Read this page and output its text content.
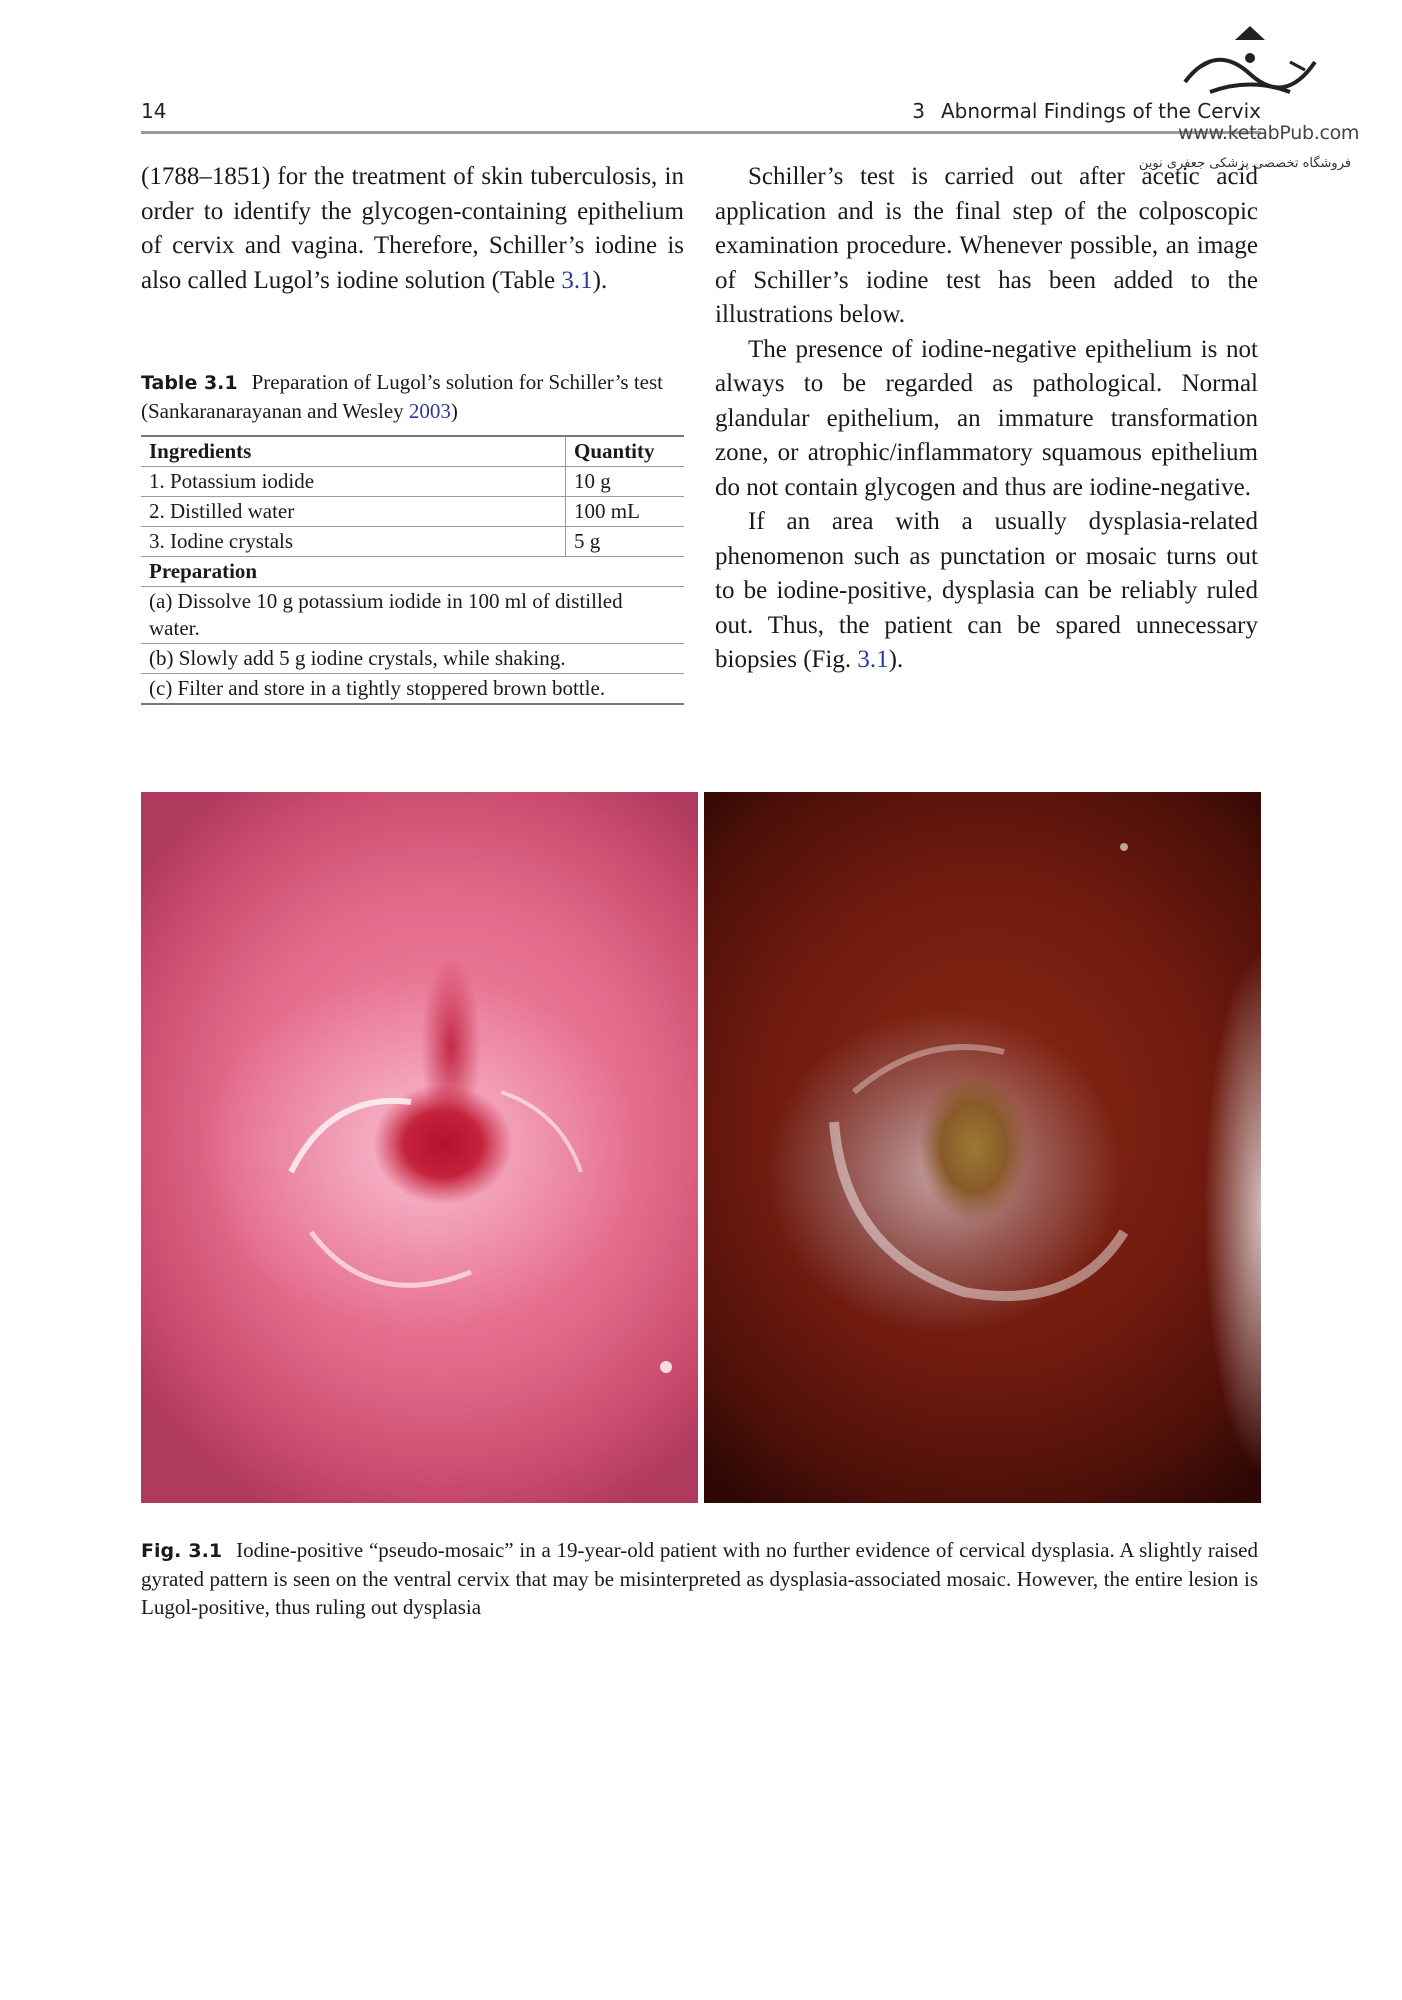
14	3 Abnormal Findings of the Cervix
www.ketabPub.com
فروشگاه تخصصی پزشکی جعفری نوین

(1788–1851) for the treatment of skin tuberculosis, in order to identify the glycogen-containing epithelium of cervix and vagina. Therefore, Schiller’s iodine is also called Lugol’s iodine solution (Table 3.1).

Table 3.1 Preparation of Lugol’s solution for Schiller’s test (Sankaranarayanan and Wesley 2003)
Ingredients	Quantity
1. Potassium iodide	10 g
2. Distilled water	100 mL
3. Iodine crystals	5 g
Preparation	
(a) Dissolve 10 g potassium iodide in 100 ml of distilled water.	
(b) Slowly add 5 g iodine crystals, while shaking.	
(c) Filter and store in a tightly stoppered brown bottle.	

Schiller’s test is carried out after acetic acid application and is the final step of the colposcopic examination procedure. Whenever possible, an image of Schiller’s iodine test has been added to the illustrations below.

The presence of iodine-negative epithelium is not always to be regarded as pathological. Normal glandular epithelium, an immature transformation zone, or atrophic/inflammatory squamous epithelium do not contain glycogen and thus are iodine-negative.

If an area with a usually dysplasia-related phenomenon such as punctation or mosaic turns out to be iodine-positive, dysplasia can be reliably ruled out. Thus, the patient can be spared unnecessary biopsies (Fig. 3.1).

Fig. 3.1 Iodine-positive “pseudo-mosaic” in a 19-year-old patient with no further evidence of cervical dysplasia. A slightly raised gyrated pattern is seen on the ventral cervix that may be misinterpreted as dysplasia-associated mosaic. However, the entire lesion is Lugol-positive, thus ruling out dysplasia
